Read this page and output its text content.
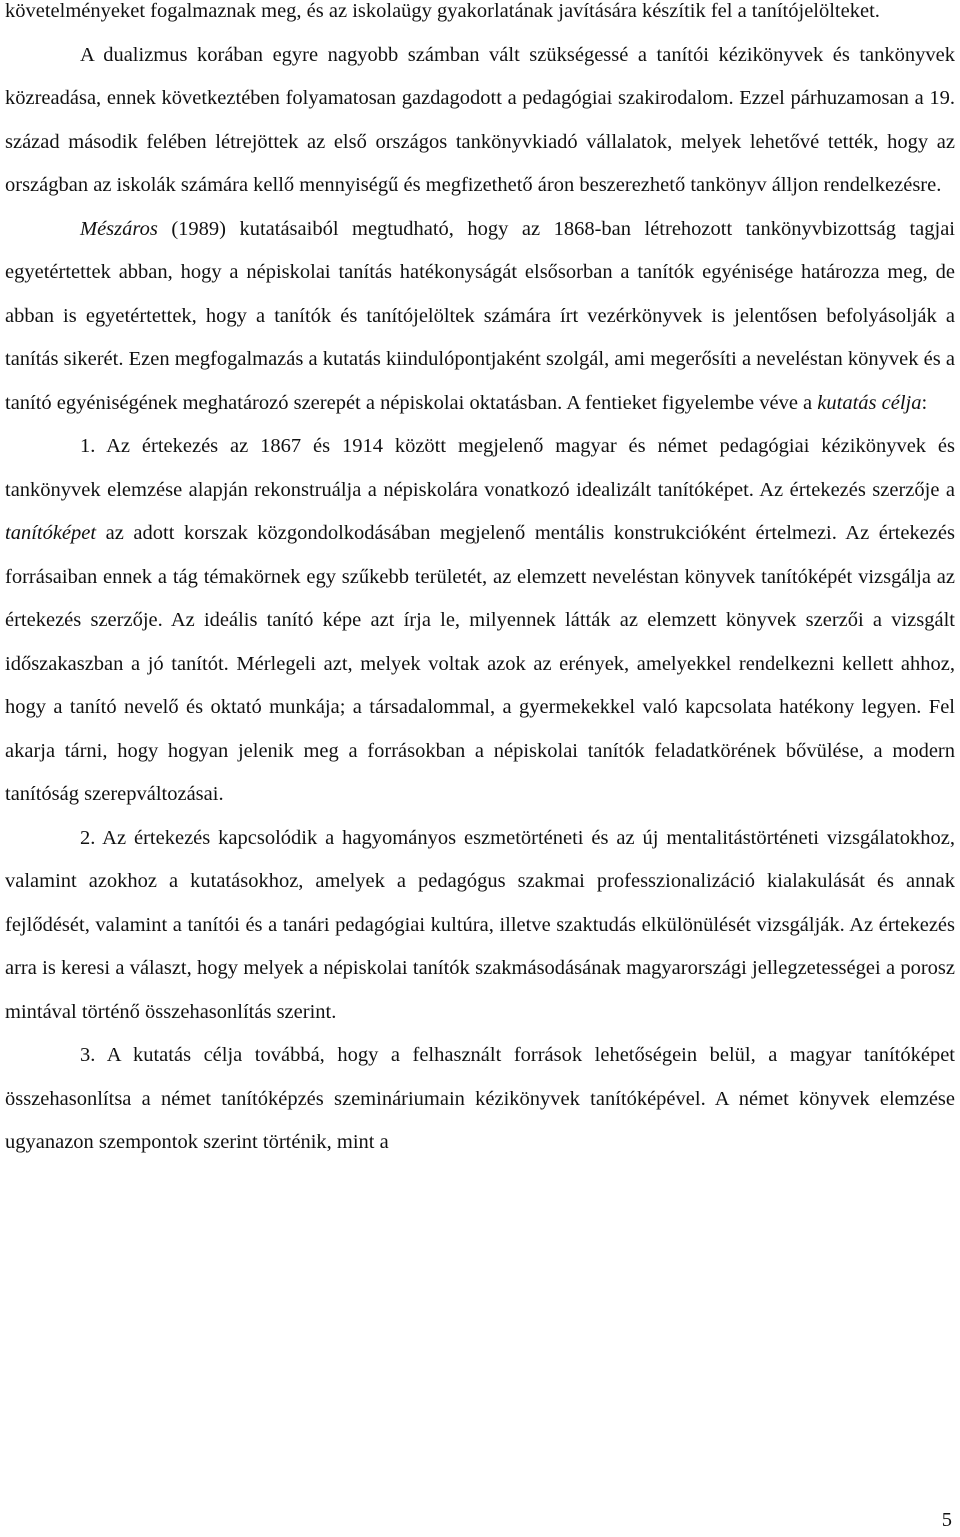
követelményeket fogalmaznak meg, és az iskolaügy gyakorlatának javítására készítik fel a tanítójelölteket.

A dualizmus korában egyre nagyobb számban vált szükségessé a tanítói kézikönyvek és tankönyvek közreadása, ennek következtében folyamatosan gazdagodott a pedagógiai szakirodalom. Ezzel párhuzamosan a 19. század második felében létrejöttek az első országos tankönyvkiadó vállalatok, melyek lehetővé tették, hogy az országban az iskolák számára kellő mennyiségű és megfizethető áron beszerezhető tankönyv álljon rendelkezésre.

Mészáros (1989) kutatásaiból megtudható, hogy az 1868-ban létrehozott tankönyvbizottság tagjai egyetértettek abban, hogy a népiskolai tanítás hatékonyságát elsősorban a tanítók egyénisége határozza meg, de abban is egyetértettek, hogy a tanítók és tanítójelöltek számára írt vezérkönyvek is jelentősen befolyásolják a tanítás sikerét. Ezen megfogalmazás a kutatás kiindulópontjaként szolgál, ami megerősíti a neveléstan könyvek és a tanító egyéniségének meghatározó szerepét a népiskolai oktatásban. A fentieket figyelembe véve a kutatás célja:

1. Az értekezés az 1867 és 1914 között megjelenő magyar és német pedagógiai kézikönyvek és tankönyvek elemzése alapján rekonstruálja a népiskolára vonatkozó idealizált tanítóképet. Az értekezés szerzője a tanítóképet az adott korszak közgondolkodásában megjelenő mentális konstrukcióként értelmezi. Az értekezés forrásaiban ennek a tág témakörnek egy szűkebb területét, az elemzett neveléstan könyvek tanítóképét vizsgálja az értekezés szerzője. Az ideális tanító képe azt írja le, milyennek látták az elemzett könyvek szerzői a vizsgált időszakaszban a jó tanítót. Mérlegeli azt, melyek voltak azok az erények, amelyekkel rendelkezni kellett ahhoz, hogy a tanító nevelő és oktató munkája; a társadalommal, a gyermekekkel való kapcsolata hatékony legyen. Fel akarja tárni, hogy hogyan jelenik meg a forrásokban a népiskolai tanítók feladatkörének bővülése, a modern tanítóság szerepváltozásai.

2. Az értekezés kapcsolódik a hagyományos eszmetörténeti és az új mentalitástörténeti vizsgálatokhoz, valamint azokhoz a kutatásokhoz, amelyek a pedagógus szakmai professzionalizáció kialakulását és annak fejlődését, valamint a tanítói és a tanári pedagógiai kultúra, illetve szaktudás elkülönülését vizsgálják. Az értekezés arra is keresi a választ, hogy melyek a népiskolai tanítók szakmásodásának magyarországi jellegzetességei a porosz mintával történő összehasonlítás szerint.

3. A kutatás célja továbbá, hogy a felhasznált források lehetőségein belül, a magyar tanítóképet összehasonlítsa a német tanítóképzés szemináriumain kézikönyvek tanítóképével. A német könyvek elemzése ugyanazon szempontok szerint történik, mint a

5
